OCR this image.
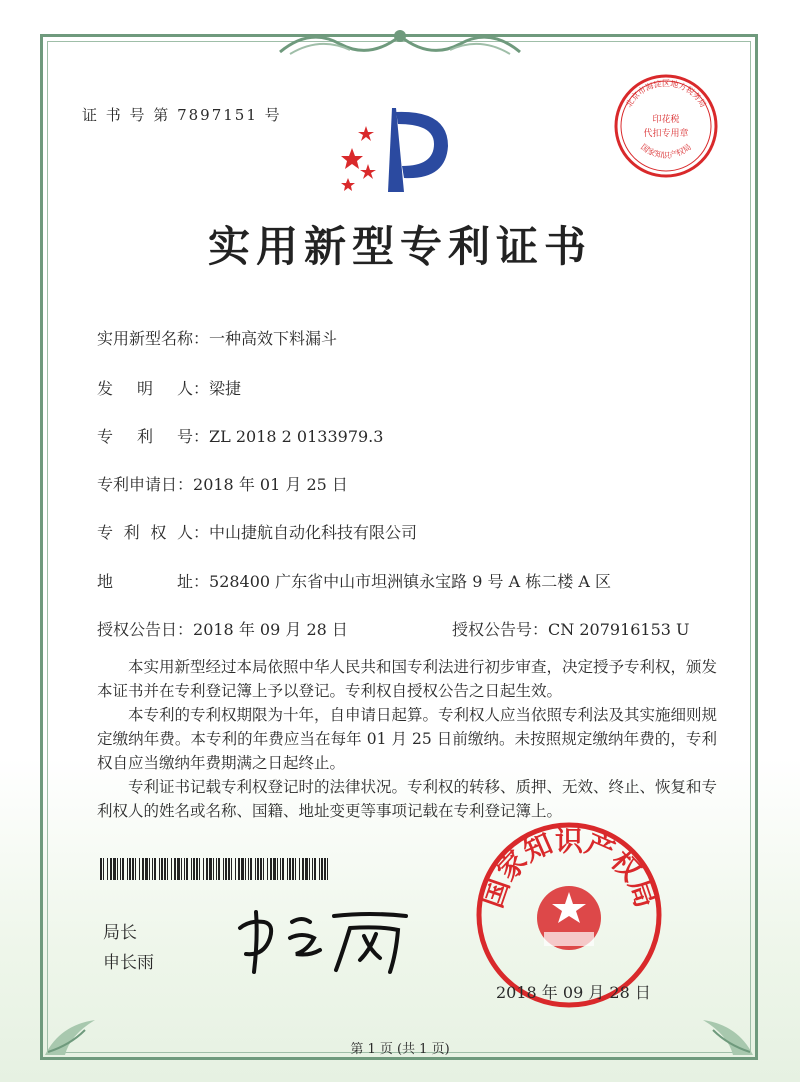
证 书 号 第 7897151 号
实用新型专利证书
实用新型名称：一种高效下料漏斗
发 明 人 ：梁捷
专 利 号 ：ZL 2018 2 0133979.3
专利申请日：2018 年 01 月 25 日
专 利 权 人 ：中山捷航自动化科技有限公司
地	址 ：528400 广东省中山市坦洲镇永宝路 9 号 A 栋二楼 A 区
授权公告日：2018 年 09 月 28 日	授权公告号：CN 207916153 U

本实用新型经过本局依照中华人民共和国专利法进行初步审查，决定授予专利权，颁发本证书并在专利登记簿上予以登记。专利权自授权公告之日起生效。

本专利的专利权期限为十年，自申请日起算。专利权人应当依照专利法及其实施细则规定缴纳年费。本专利的年费应当在每年 01 月 25 日前缴纳。未按照规定缴纳年费的，专利权自应当缴纳年费期满之日起终止。

专利证书记载专利权登记时的法律状况。专利权的转移、质押、无效、终止、恢复和专利权人的姓名或名称、国籍、地址变更等事项记载在专利登记簿上。

局长
申长雨
印花税
代扣专用章
北京市海淀区地方税务局
国家知识产权局
国家知识产权局
2018 年 09 月 28 日
第 1 页 (共 1 页)
